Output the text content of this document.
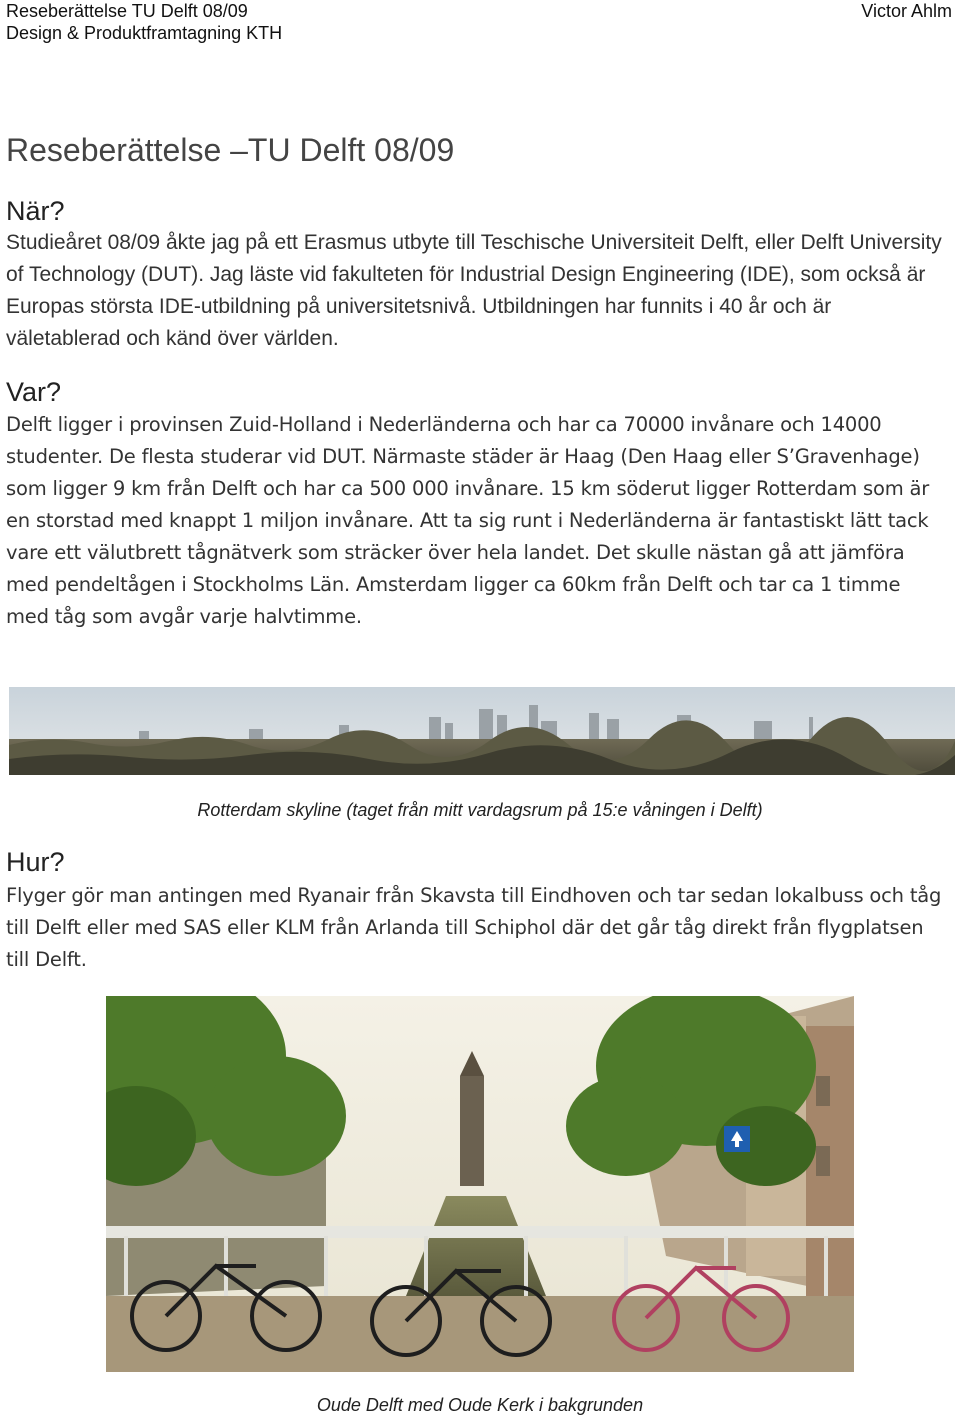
Reseberättelse TU Delft 08/09
Design & Produktframtagning KTH
Victor Ahlm
Reseberättelse –TU Delft 08/09
När?

Studieåret 08/09 åkte jag på ett Erasmus utbyte till Teschische Universiteit Delft, eller Delft University of Technology (DUT). Jag läste vid fakulteten för Industrial Design Engineering (IDE), som också är Europas största IDE-utbildning på universitetsnivå. Utbildningen har funnits i 40 år och är väletablerad och känd över världen.

Var?

Delft ligger i provinsen Zuid-Holland i Nederländerna och har ca 70000 invånare och 14000 studenter. De flesta studerar vid DUT. Närmaste städer är Haag (Den Haag eller S’Gravenhage) som ligger 9 km från Delft och har ca 500 000 invånare. 15 km söderut ligger Rotterdam som är en storstad med knappt 1 miljon invånare. Att ta sig runt i Nederländerna är fantastiskt lätt tack vare ett välutbrett tågnätverk som sträcker över hela landet. Det skulle nästan gå att jämföra med pendeltågen i Stockholms Län. Amsterdam ligger ca 60km från Delft och tar ca 1 timme med tåg som avgår varje halvtimme.

Rotterdam skyline (taget från mitt vardagsrum på 15:e våningen i Delft)

Hur?

Flyger gör man antingen med Ryanair från Skavsta till Eindhoven och tar sedan lokalbuss och tåg till Delft eller med SAS eller KLM från Arlanda till Schiphol där det går tåg direkt från flygplatsen till Delft.

Oude Delft med Oude Kerk i bakgrunden
